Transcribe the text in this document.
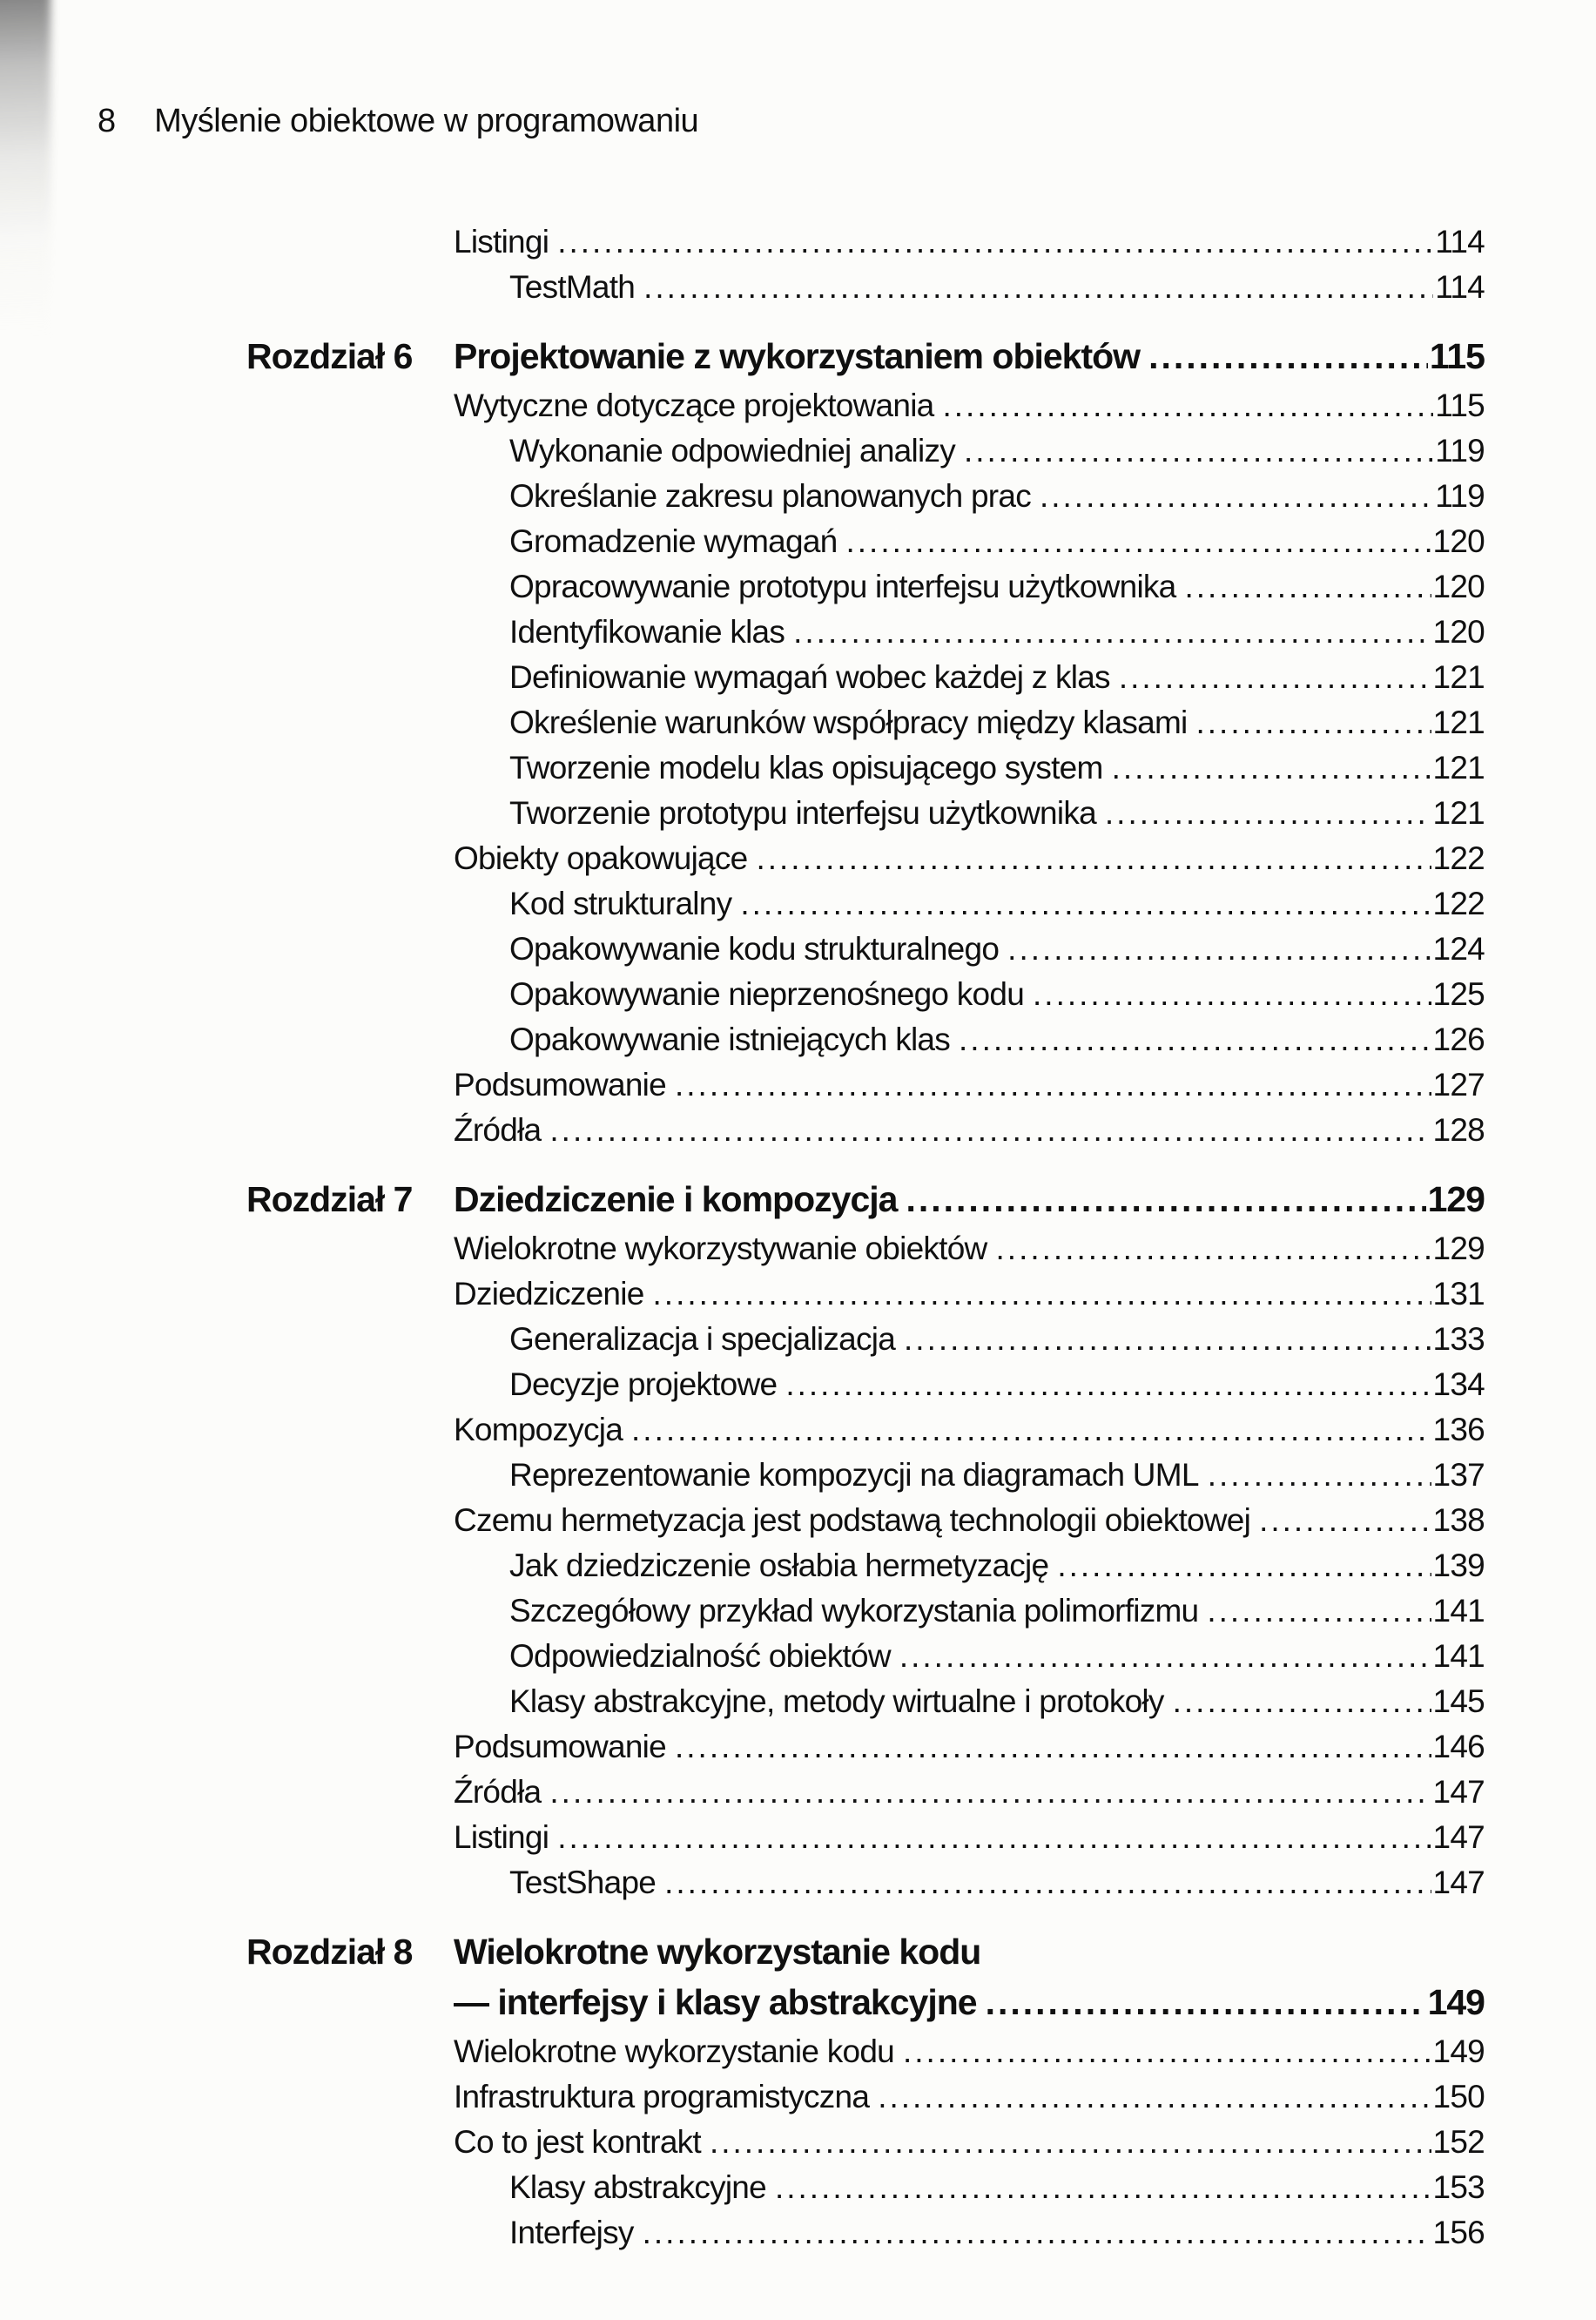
8 Myślenie obiektowe w programowaniu

Listingi .....	114

TestMath .....	114
Rozdział 6	Projektowanie z wykorzystaniem obiektów .....	115

Wytyczne dotyczące projektowania .....	115

Wykonanie odpowiedniej analizy .....	119

Określanie zakresu planowanych prac .....	119

Gromadzenie wymagań .....	120

Opracowywanie prototypu interfejsu użytkownika .....	120

Identyfikowanie klas .....	120

Definiowanie wymagań wobec każdej z klas .....	121

Określenie warunków współpracy między klasami .....	121

Tworzenie modelu klas opisującego system .....	121

Tworzenie prototypu interfejsu użytkownika .....	121

Obiekty opakowujące .....	122

Kod strukturalny .....	122

Opakowywanie kodu strukturalnego .....	124

Opakowywanie nieprzenośnego kodu .....	125

Opakowywanie istniejących klas .....	126

Podsumowanie .....	127

Źródła .....	128
Rozdział 7	Dziedziczenie i kompozycja .....	129

Wielokrotne wykorzystywanie obiektów .....	129

Dziedziczenie .....	131

Generalizacja i specjalizacja .....	133

Decyzje projektowe .....	134

Kompozycja .....	136

Reprezentowanie kompozycji na diagramach UML .....	137

Czemu hermetyzacja jest podstawą technologii obiektowej .....	138

Jak dziedziczenie osłabia hermetyzację .....	139

Szczegółowy przykład wykorzystania polimorfizmu .....	141

Odpowiedzialność obiektów .....	141

Klasy abstrakcyjne, metody wirtualne i protokoły .....	145

Podsumowanie .....	146

Źródła .....	147

Listingi .....	147

TestShape .....	147
Rozdział 8	Wielokrotne wykorzystanie kodu

— interfejsy i klasy abstrakcyjne .....	149

Wielokrotne wykorzystanie kodu .....	149

Infrastruktura programistyczna .....	150

Co to jest kontrakt .....	152

Klasy abstrakcyjne .....	153

Interfejsy .....	156
